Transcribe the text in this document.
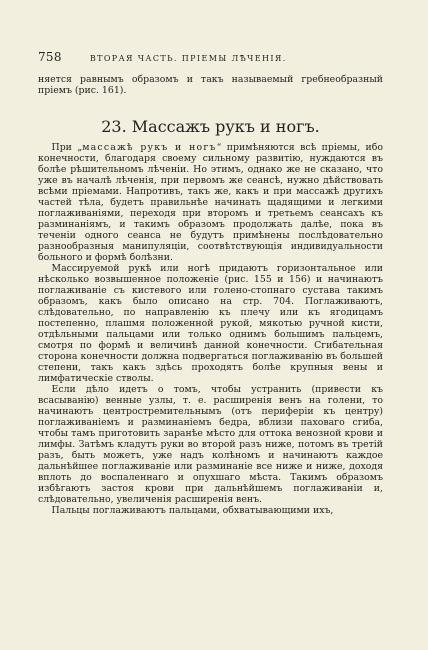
758	ВТОРАЯ ЧАСТЬ. ПРІЕМЫ ЛѢЧЕНІЯ.

няется равнымъ образомъ и такъ называемый гребнеобразный пріемъ (рис. 161).

23. Массажъ рукъ и ногъ.

При „массажѣ рукъ и ногъ“ примѣняются всѣ пріемы, ибо конечности, благодаря своему сильному развитію, нуждаются въ болѣе рѣшительномъ лѣченіи. Но этимъ, однако же не сказано, что уже въ началѣ лѣченія, при первомъ же сеансѣ, нужно дѣйствовать всѣми пріемами. Напротивъ, такъ же, какъ и при массажѣ другихъ частей тѣла, будетъ правильнѣе начинать щадящими и легкими поглаживаніями, переходя при второмъ и третьемъ сеансахъ къ разминаніямъ, и такимъ образомъ продолжать далѣе, пока въ теченіи одного сеанса не будутъ примѣнены послѣдовательно разнообразныя манипуляціи, соотвѣтствующія индивидуальности больного и формѣ болѣзни.

Массируемой рукѣ или ногѣ придаютъ горизонтальное или нѣсколько возвышенное положеніе (рис. 155 и 156) и начинаютъ поглаживаніе съ кистевого или голено-стопнаго сустава такимъ образомъ, какъ было описано на стр. 704. Поглаживаютъ, слѣдовательно, по направленію къ плечу или къ ягодицамъ постепенно, плашмя положенной рукой, мякотью ручной кисти, отдѣльными пальцами или только однимъ большимъ пальцемъ, смотря по формѣ и величинѣ данной конечности. Сгибательная сторона конечности должна подвергаться поглаживанію въ большей степени, такъ какъ здѣсь проходятъ болѣе крупныя вены и лимфатическіе стволы.

Если дѣло идетъ о томъ, чтобы устранить (привести къ всасыванію) венные узлы, т. е. расширенія венъ на голени, то начинаютъ центростремительнымъ (отъ периферіи къ центру) поглаживаніемъ и разминаніемъ бедра, вблизи паховаго сгиба, чтобы тамъ приготовить заранѣе мѣсто для оттока венозной крови и лимфы. Затѣмъ кладутъ руки во второй разъ ниже, потомъ въ третій разъ, быть можетъ, уже надъ колѣномъ и начинаютъ каждое дальнѣйшее поглаживаніе или разминаніе все ниже и ниже, доходя вплоть до воспаленнаго и опухшаго мѣста. Такимъ образомъ избѣгаютъ застоя крови при дальнѣйшемъ поглаживаніи и, слѣдовательно, увеличенія расширенія венъ.

Пальцы поглаживаютъ пальцами, обхватывающими ихъ,
